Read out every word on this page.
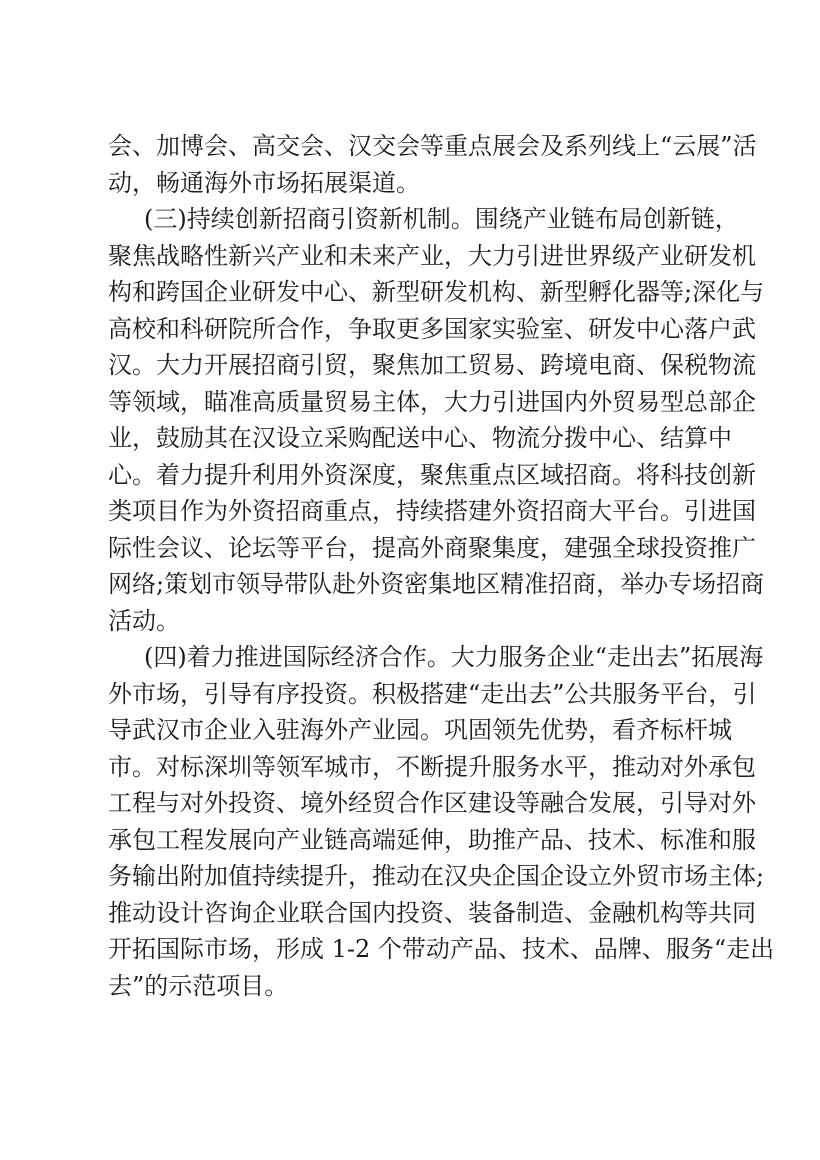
会、加博会、高交会、汉交会等重点展会及系列线上“云展”活
动，畅通海外市场拓展渠道。
(三)持续创新招商引资新机制。围绕产业链布局创新链，
聚焦战略性新兴产业和未来产业，大力引进世界级产业研发机
构和跨国企业研发中心、新型研发机构、新型孵化器等;深化与
高校和科研院所合作，争取更多国家实验室、研发中心落户武
汉。大力开展招商引贸，聚焦加工贸易、跨境电商、保税物流
等领域，瞄准高质量贸易主体，大力引进国内外贸易型总部企
业，鼓励其在汉设立采购配送中心、物流分拨中心、结算中
心。着力提升利用外资深度，聚焦重点区域招商。将科技创新
类项目作为外资招商重点，持续搭建外资招商大平台。引进国
际性会议、论坛等平台，提高外商聚集度，建强全球投资推广
网络;策划市领导带队赴外资密集地区精准招商，举办专场招商
活动。
(四)着力推进国际经济合作。大力服务企业“走出去”拓展海
外市场，引导有序投资。积极搭建“走出去”公共服务平台，引
导武汉市企业入驻海外产业园。巩固领先优势，看齐标杆城
市。对标深圳等领军城市，不断提升服务水平，推动对外承包
工程与对外投资、境外经贸合作区建设等融合发展，引导对外
承包工程发展向产业链高端延伸，助推产品、技术、标准和服
务输出附加值持续提升，推动在汉央企国企设立外贸市场主体;
推动设计咨询企业联合国内投资、装备制造、金融机构等共同
开拓国际市场，形成 1-2 个带动产品、技术、品牌、服务“走出
去”的示范项目。
